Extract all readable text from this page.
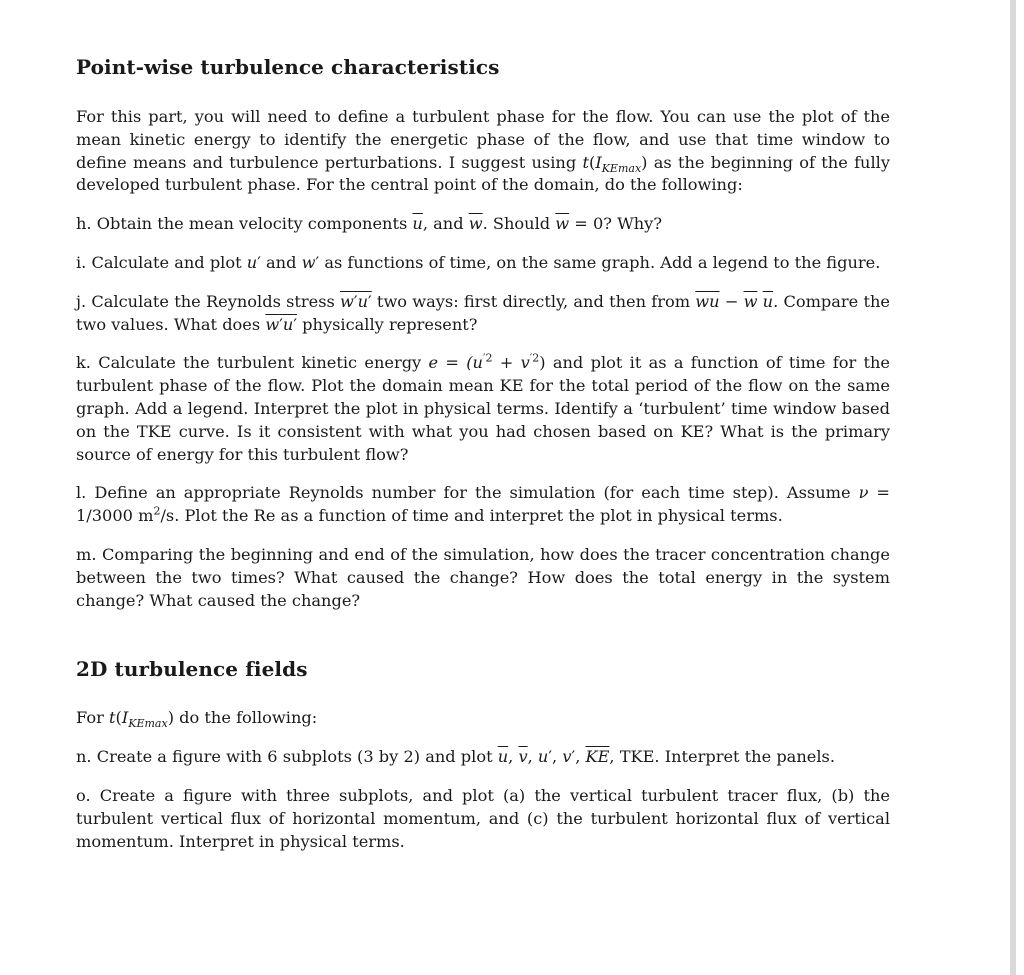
Point-wise turbulence characteristics

For this part, you will need to define a turbulent phase for the flow. You can use the plot of the mean kinetic energy to identify the energetic phase of the flow, and use that time window to define means and turbulence perturbations. I suggest using $t(I_{KEmax})$ as the beginning of the fully developed turbulent phase. For the central point of the domain, do the following:

h. Obtain the mean velocity components $\overline{u}$, and $\overline{w}$. Should $\overline{w} = 0$? Why?

i. Calculate and plot u′ and w′ as functions of time, on the same graph. Add a legend to the figure.

j. Calculate the Reynolds stress w′u′ two ways: first directly, and then from wu − $\overline{w}$ $\overline{u}$. Compare the two values. What does w′u′ physically represent?

k. Calculate the turbulent kinetic energy $e = (u^{'2} + v^{'2})$ and plot it as a function of time for the turbulent phase of the flow. Plot the domain mean KE for the total period of the flow on the same graph. Add a legend. Interpret the plot in physical terms. Identify a ‘turbulent’ time window based on the TKE curve. Is it consistent with what you had chosen based on KE? What is the primary source of energy for this turbulent flow?

l. Define an appropriate Reynolds number for the simulation (for each time step). Assume ν = 1/3000 $m^2/s$. Plot the Re as a function of time and interpret the plot in physical terms.

m. Comparing the beginning and end of the simulation, how does the tracer concentration change between the two times? What caused the change? How does the total energy in the system change? What caused the change?

2D turbulence fields

For $t(I_{KEmax})$ do the following:

n. Create a figure with 6 subplots (3 by 2) and plot $\overline{u}$, $\overline{v}$, u′, v′, $\overline{KE}$, TKE. Interpret the panels.

o. Create a figure with three subplots, and plot (a) the vertical turbulent tracer flux, (b) the turbulent vertical flux of horizontal momentum, and (c) the turbulent horizontal flux of vertical momentum. Interpret in physical terms.
